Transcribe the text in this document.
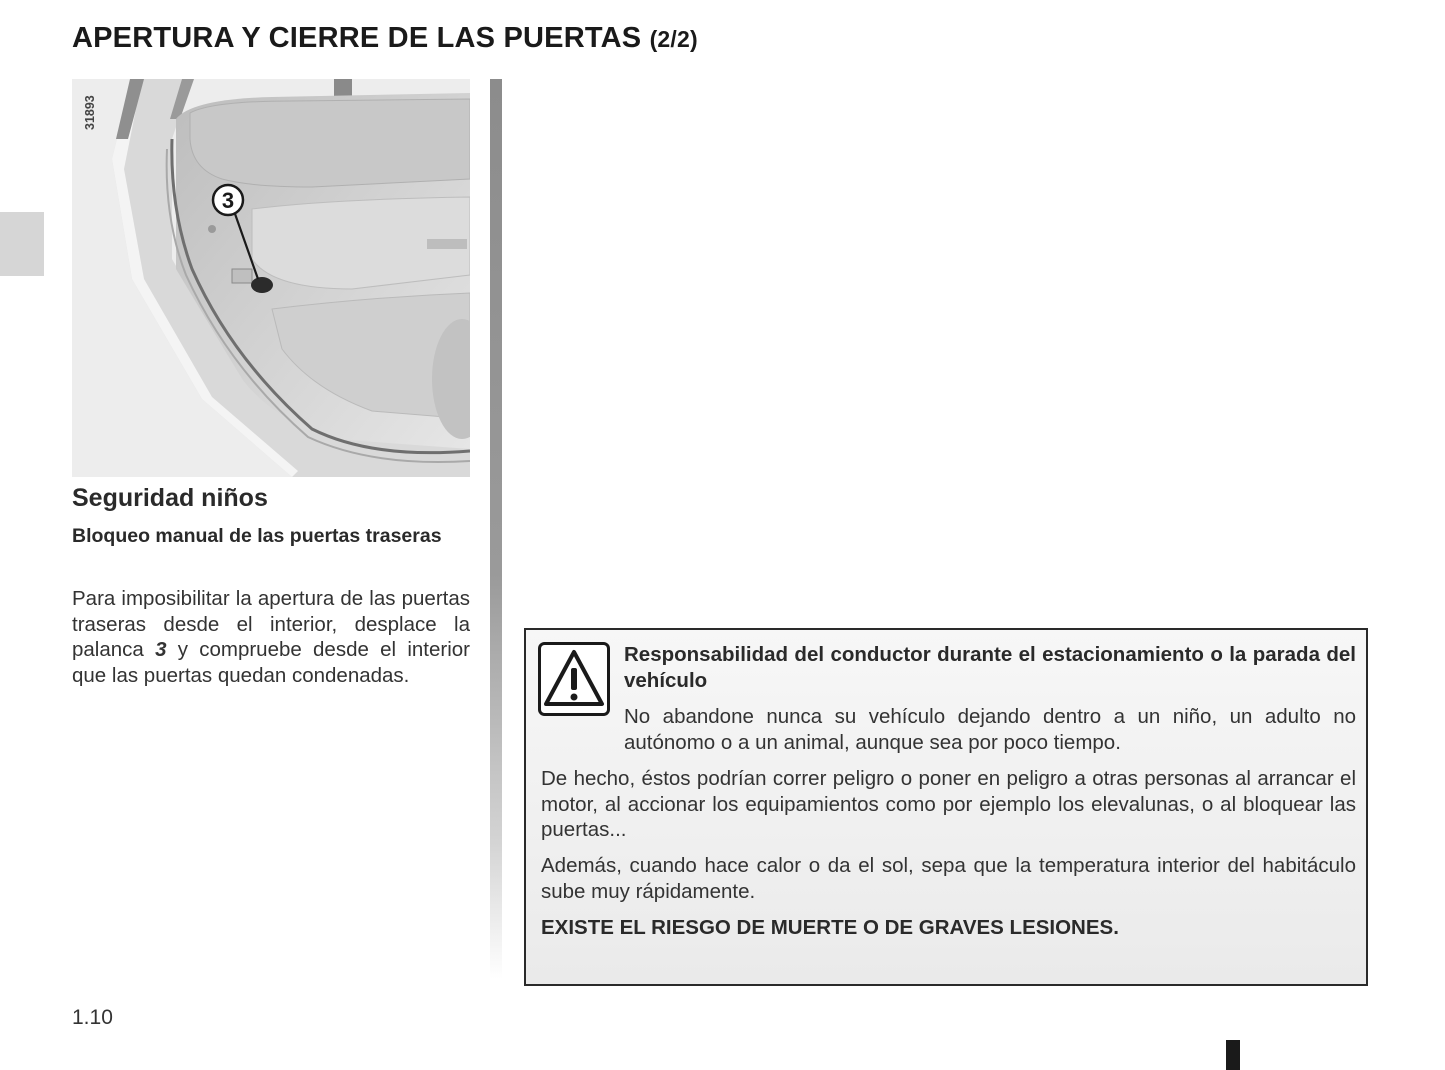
APERTURA Y CIERRE DE LAS PUERTAS (2/2)
3
31893
Seguridad niños

Bloqueo manual de las puertas traseras

Para imposibilitar la apertura de las puertas traseras desde el interior, desplace la palanca 3 y compruebe desde el interior que las puertas quedan condenadas.

Responsabilidad del conductor durante el estacionamiento o la parada del vehículo

No abandone nunca su vehículo dejando dentro a un niño, un adulto no autónomo o a un animal, aunque sea por poco tiempo.

De hecho, éstos podrían correr peligro o poner en peligro a otras personas al arrancar el motor, al accionar los equipamientos como por ejemplo los elevalunas, o al bloquear las puertas...

Además, cuando hace calor o da el sol, sepa que la temperatura interior del habitáculo sube muy rápidamente.

EXISTE EL RIESGO DE MUERTE O DE GRAVES LESIONES.

1.10
